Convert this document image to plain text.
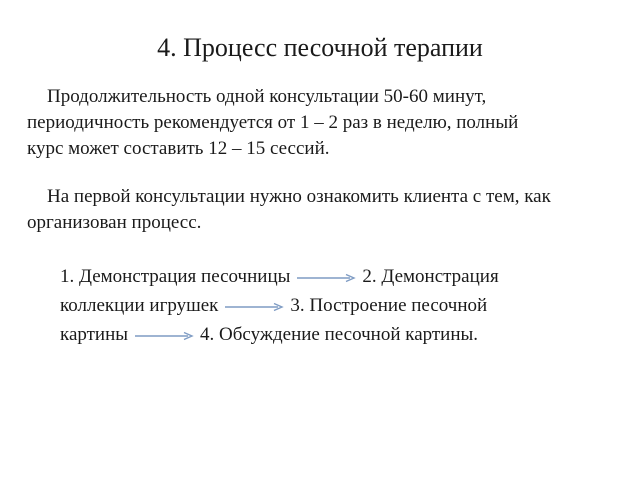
4. Процесс песочной терапии
Продолжительность одной консультации 50-60 минут,
периодичность рекомендуется от 1 – 2 раз в неделю, полный
курс может составить 12 – 15 сессий.
На первой консультации нужно ознакомить клиента с тем, как
организован процесс.
1. Демонстрация песочницы	2. Демонстрация
коллекции игрушек	3. Построение песочной
картины	4. Обсуждение песочной картины.
